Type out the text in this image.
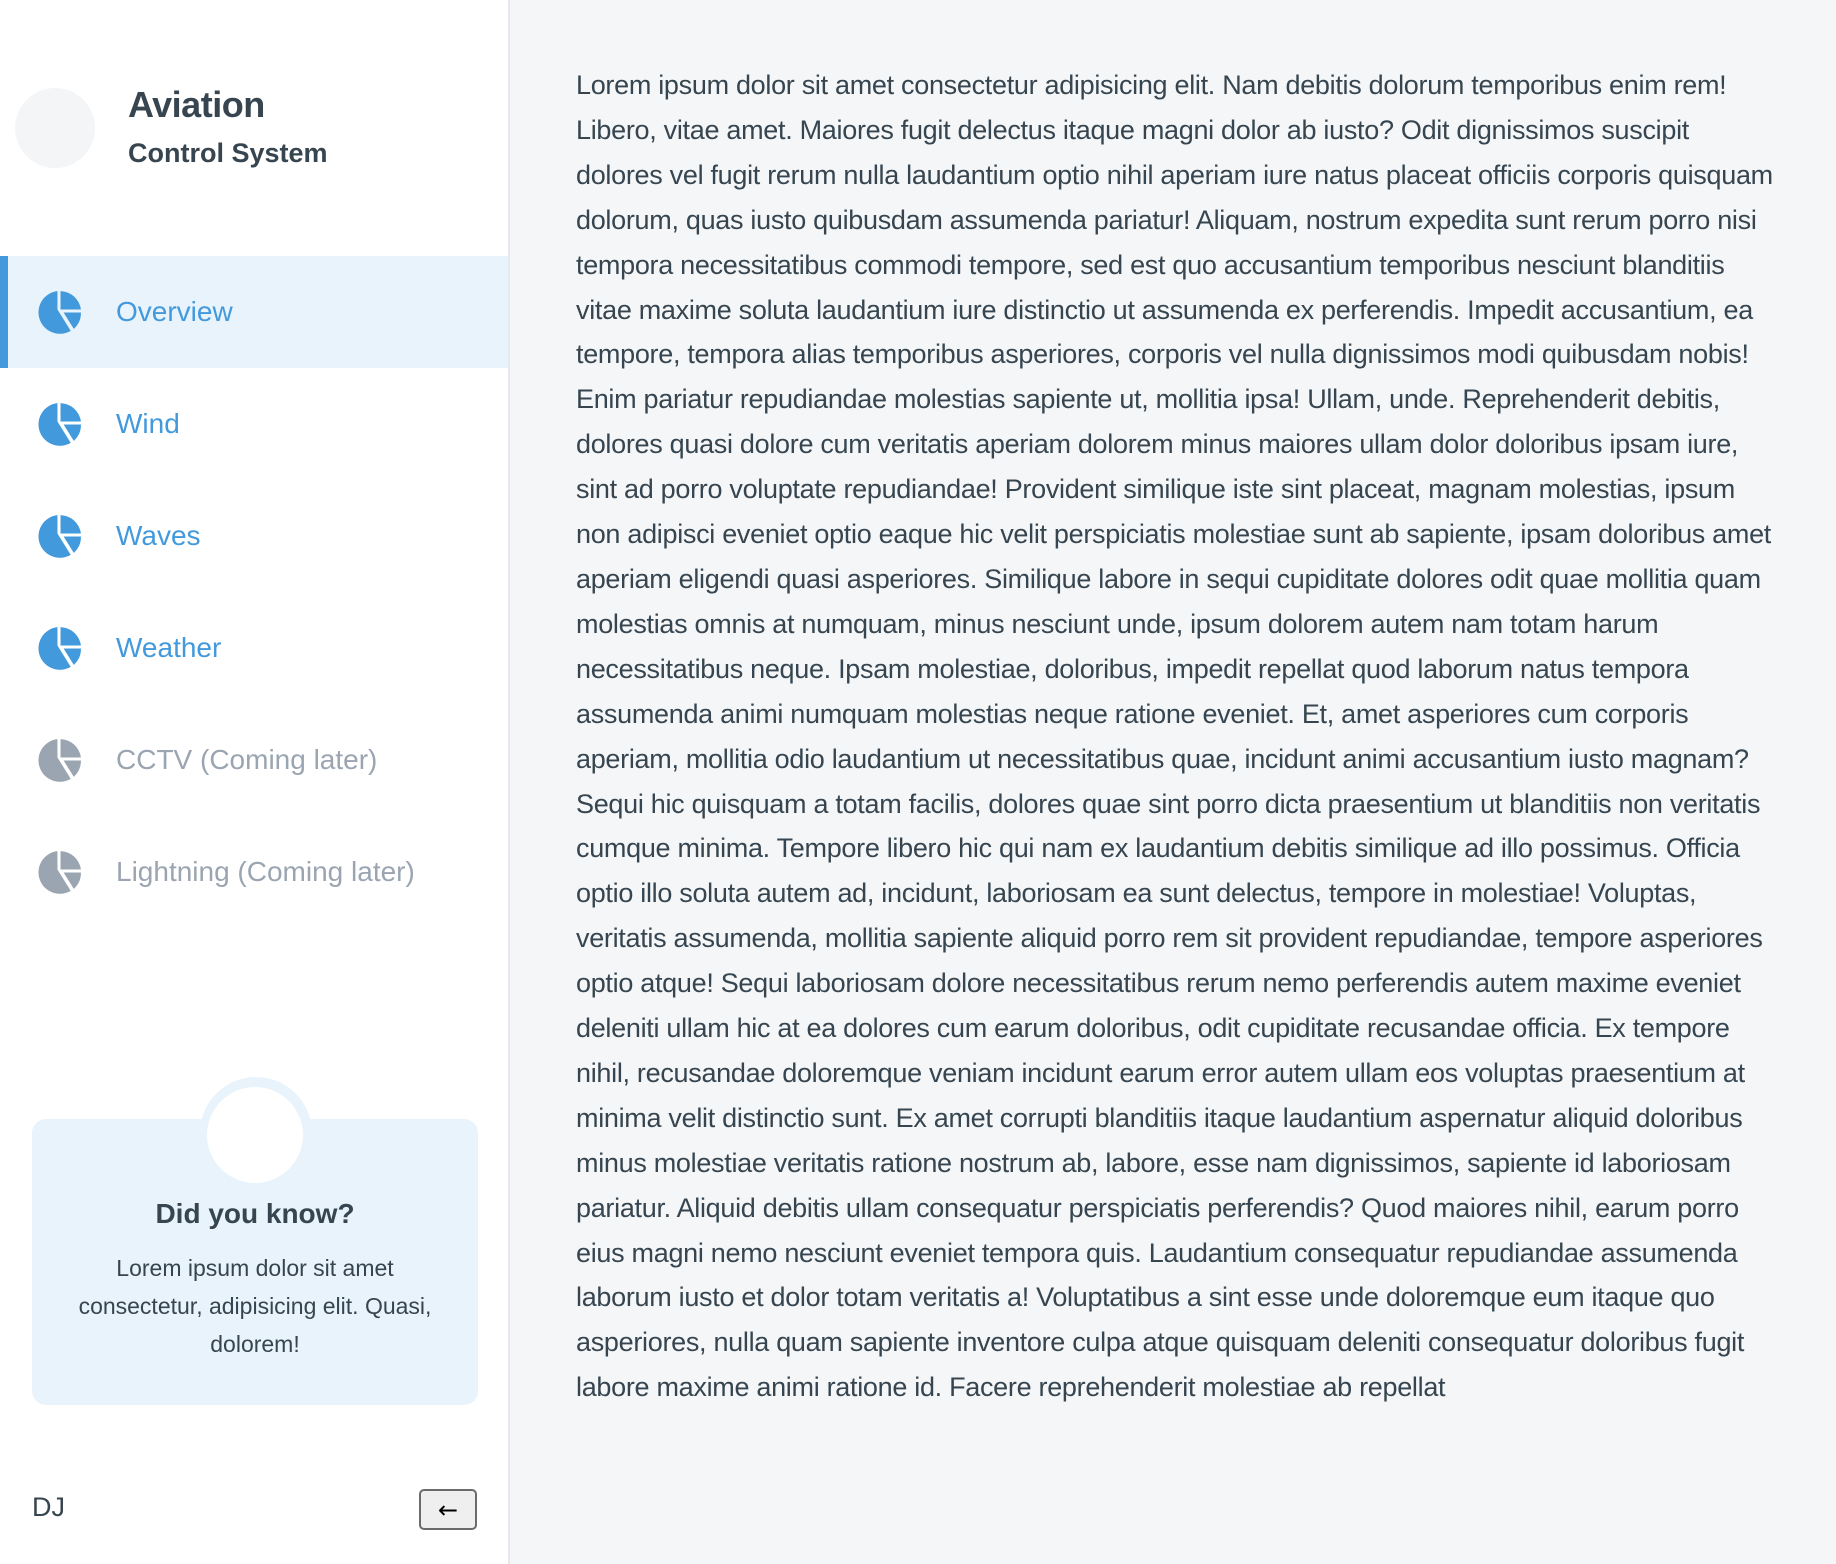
Aviation
Control System
Overview
Wind
Waves
Weather
CCTV (Coming later)
Lightning (Coming later)
Did you know?
Lorem ipsum dolor sit amet consectetur, adipisicing elit. Quasi, dolorem!
DJ	←

Lorem ipsum dolor sit amet consectetur adipisicing elit. Nam debitis dolorum temporibus enim rem! Libero, vitae amet. Maiores fugit delectus itaque magni dolor ab iusto? Odit dignissimos suscipit dolores vel fugit rerum nulla laudantium optio nihil aperiam iure natus placeat officiis corporis quisquam dolorum, quas iusto quibusdam assumenda pariatur! Aliquam, nostrum expedita sunt rerum porro nisi tempora necessitatibus commodi tempore, sed est quo accusantium temporibus nesciunt blanditiis vitae maxime soluta laudantium iure distinctio ut assumenda ex perferendis. Impedit accusantium, ea tempore, tempora alias temporibus asperiores, corporis vel nulla dignissimos modi quibusdam nobis! Enim pariatur repudiandae molestias sapiente ut, mollitia ipsa! Ullam, unde. Reprehenderit debitis, dolores quasi dolore cum veritatis aperiam dolorem minus maiores ullam dolor doloribus ipsam iure, sint ad porro voluptate repudiandae! Provident similique iste sint placeat, magnam molestias, ipsum non adipisci eveniet optio eaque hic velit perspiciatis molestiae sunt ab sapiente, ipsam doloribus amet aperiam eligendi quasi asperiores. Similique labore in sequi cupiditate dolores odit quae mollitia quam molestias omnis at numquam, minus nesciunt unde, ipsum dolorem autem nam totam harum necessitatibus neque. Ipsam molestiae, doloribus, impedit repellat quod laborum natus tempora assumenda animi numquam molestias neque ratione eveniet. Et, amet asperiores cum corporis aperiam, mollitia odio laudantium ut necessitatibus quae, incidunt animi accusantium iusto magnam? Sequi hic quisquam a totam facilis, dolores quae sint porro dicta praesentium ut blanditiis non veritatis cumque minima. Tempore libero hic qui nam ex laudantium debitis similique ad illo possimus. Officia optio illo soluta autem ad, incidunt, laboriosam ea sunt delectus, tempore in molestiae! Voluptas, veritatis assumenda, mollitia sapiente aliquid porro rem sit provident repudiandae, tempore asperiores optio atque! Sequi laboriosam dolore necessitatibus rerum nemo perferendis autem maxime eveniet deleniti ullam hic at ea dolores cum earum doloribus, odit cupiditate recusandae officia. Ex tempore nihil, recusandae doloremque veniam incidunt earum error autem ullam eos voluptas praesentium at minima velit distinctio sunt. Ex amet corrupti blanditiis itaque laudantium aspernatur aliquid doloribus minus molestiae veritatis ratione nostrum ab, labore, esse nam dignissimos, sapiente id laboriosam pariatur. Aliquid debitis ullam consequatur perspiciatis perferendis? Quod maiores nihil, earum porro eius magni nemo nesciunt eveniet tempora quis. Laudantium consequatur repudiandae assumenda laborum iusto et dolor totam veritatis a! Voluptatibus a sint esse unde doloremque eum itaque quo asperiores, nulla quam sapiente inventore culpa atque quisquam deleniti consequatur doloribus fugit labore maxime animi ratione id. Facere reprehenderit molestiae ab repellat
